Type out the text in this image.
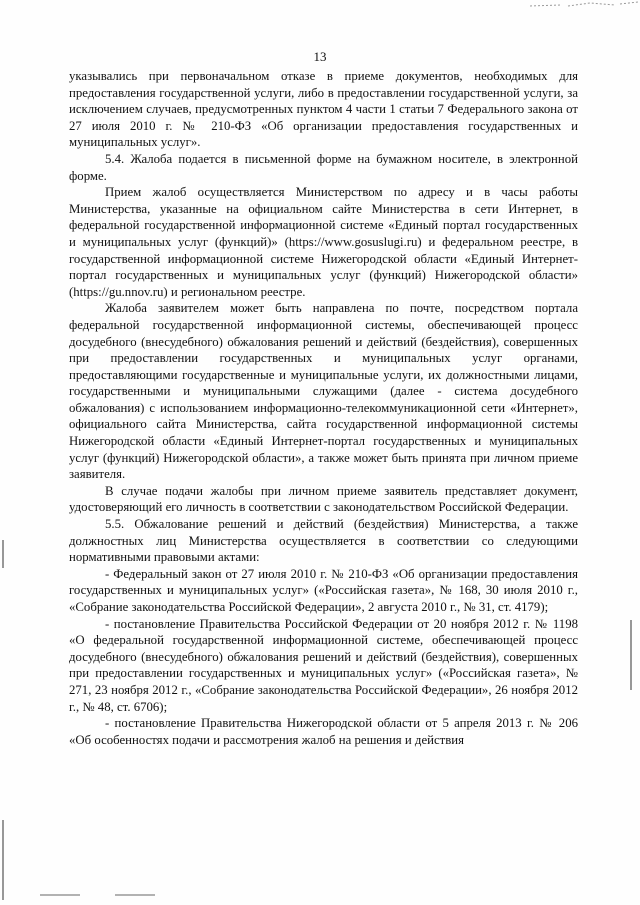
13

указывались при первоначальном отказе в приеме документов, необходимых для предоставления государственной услуги, либо в предоставлении государственной услуги, за исключением случаев, предусмотренных пунктом 4 части 1 статьи 7 Федерального закона от 27 июля 2010 г. № 210-ФЗ «Об организации предоставления государственных и муниципальных услуг».

5.4. Жалоба подается в письменной форме на бумажном носителе, в электронной форме.

Прием жалоб осуществляется Министерством по адресу и в часы работы Министерства, указанные на официальном сайте Министерства в сети Интернет, в федеральной государственной информационной системе «Единый портал государственных и муниципальных услуг (функций)» (https://www.gosuslugi.ru) и федеральном реестре, в государственной информационной системе Нижегородской области «Единый Интернет-портал государственных и муниципальных услуг (функций) Нижегородской области» (https://gu.nnov.ru) и региональном реестре.

Жалоба заявителем может быть направлена по почте, посредством портала федеральной государственной информационной системы, обеспечивающей процесс досудебного (внесудебного) обжалования решений и действий (бездействия), совершенных при предоставлении государственных и муниципальных услуг органами, предоставляющими государственные и муниципальные услуги, их должностными лицами, государственными и муниципальными служащими (далее - система досудебного обжалования) с использованием информационно-телекоммуникационной сети «Интернет», официального сайта Министерства, сайта государственной информационной системы Нижегородской области «Единый Интернет-портал государственных и муниципальных услуг (функций) Нижегородской области», а также может быть принята при личном приеме заявителя.

В случае подачи жалобы при личном приеме заявитель представляет документ, удостоверяющий его личность в соответствии с законодательством Российской Федерации.

5.5. Обжалование решений и действий (бездействия) Министерства, а также должностных лиц Министерства осуществляется в соответствии со следующими нормативными правовыми актами:

- Федеральный закон от 27 июля 2010 г. № 210-ФЗ «Об организации предоставления государственных и муниципальных услуг» («Российская газета», № 168, 30 июля 2010 г., «Собрание законодательства Российской Федерации», 2 августа 2010 г., № 31, ст. 4179);

- постановление Правительства Российской Федерации от 20 ноября 2012 г. № 1198 «О федеральной государственной информационной системе, обеспечивающей процесс досудебного (внесудебного) обжалования решений и действий (бездействия), совершенных при предоставлении государственных и муниципальных услуг» («Российская газета», № 271, 23 ноября 2012 г., «Собрание законодательства Российской Федерации», 26 ноября 2012 г., № 48, ст. 6706);

- постановление Правительства Нижегородской области от 5 апреля 2013 г. № 206 «Об особенностях подачи и рассмотрения жалоб на решения и действия
